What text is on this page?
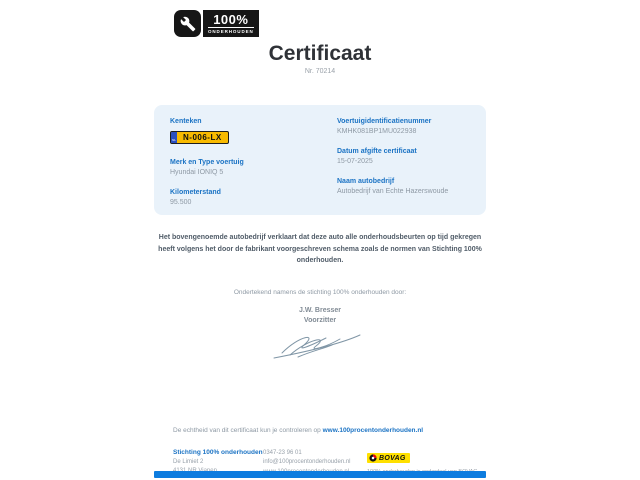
100%
ONDERHOUDEN
Certificaat
Nr. 70214
Kenteken
NL N-006-LX
Merk en Type voertuig
Hyundai IONIQ 5
Kilometerstand
95.500
Voertuigidentificatienummer
KMHK081BP1MU022938
Datum afgifte certificaat
15-07-2025
Naam autobedrijf
Autobedrijf van Echte Hazerswoude
Het bovengenoemde autobedrijf verklaart dat deze auto alle onderhoudsbeurten op tijd gekregen heeft volgens het door de fabrikant voorgeschreven schema zoals de normen van Stichting 100% onderhouden.
Ondertekend namens de stichting 100% onderhouden door:
J.W. Bresser
Voorzitter
De echtheid van dit certificaat kun je controleren op www.100procentonderhouden.nl
Stichting 100% onderhouden
De Limiet 2
0347-23 96 01
info@100procentonderhouden.nl
BOVAG
